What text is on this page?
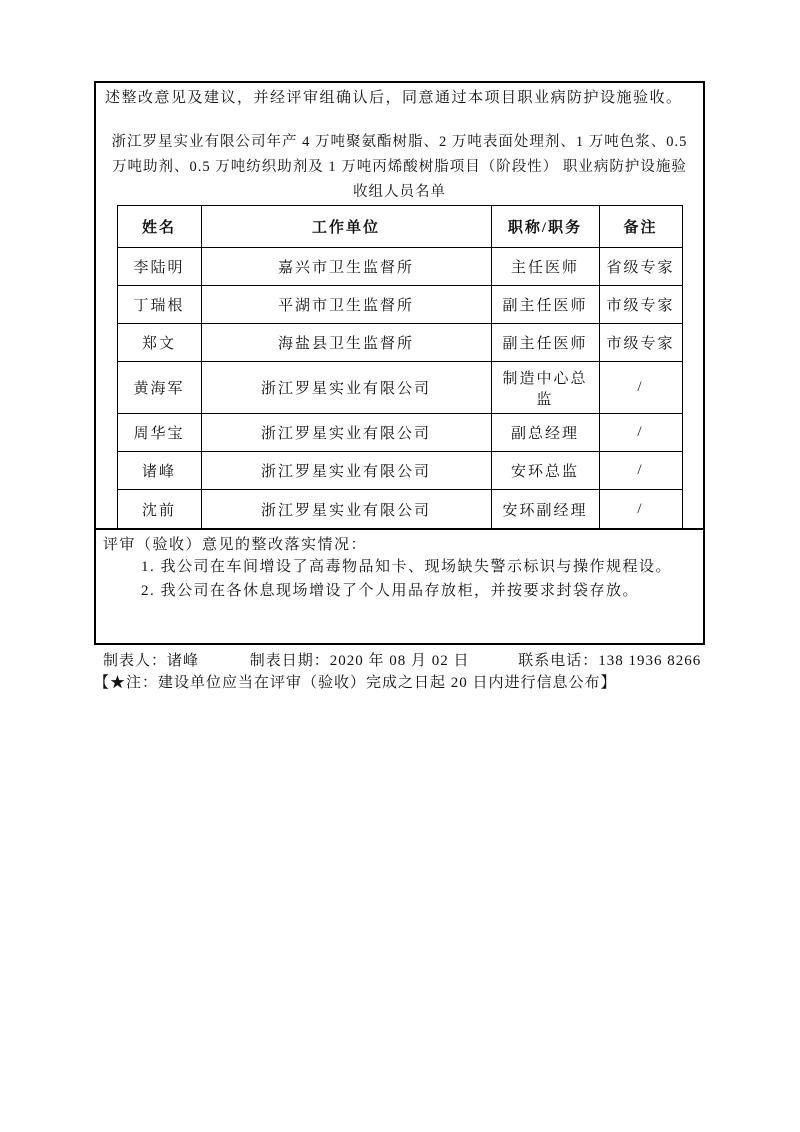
述整改意见及建议，并经评审组确认后，同意通过本项目职业病防护设施验收。
浙江罗星实业有限公司年产 4 万吨聚氨酯树脂、2 万吨表面处理剂、1 万吨色浆、0.5
万吨助剂、0.5 万吨纺织助剂及 1 万吨丙烯酸树脂项目（阶段性） 职业病防护设施验
收组人员名单
姓名	工作单位	职称/职务	备注
李陆明	嘉兴市卫生监督所	主任医师	省级专家
丁瑞根	平湖市卫生监督所	副主任医师	市级专家
郑文	海盐县卫生监督所	副主任医师	市级专家
黄海军	浙江罗星实业有限公司	制造中心总监	/
周华宝	浙江罗星实业有限公司	副总经理	/
诸峰	浙江罗星实业有限公司	安环总监	/
沈前	浙江罗星实业有限公司	安环副经理	/
评审（验收）意见的整改落实情况：
1. 我公司在车间增设了高毒物品知卡、现场缺失警示标识与操作规程设。
2. 我公司在各休息现场增设了个人用品存放柜，并按要求封袋存放。
制表人：诸峰	制表日期：2020 年 08 月 02 日	联系电话：138 1936 8266
【★注：建设单位应当在评审（验收）完成之日起 20 日内进行信息公布】
